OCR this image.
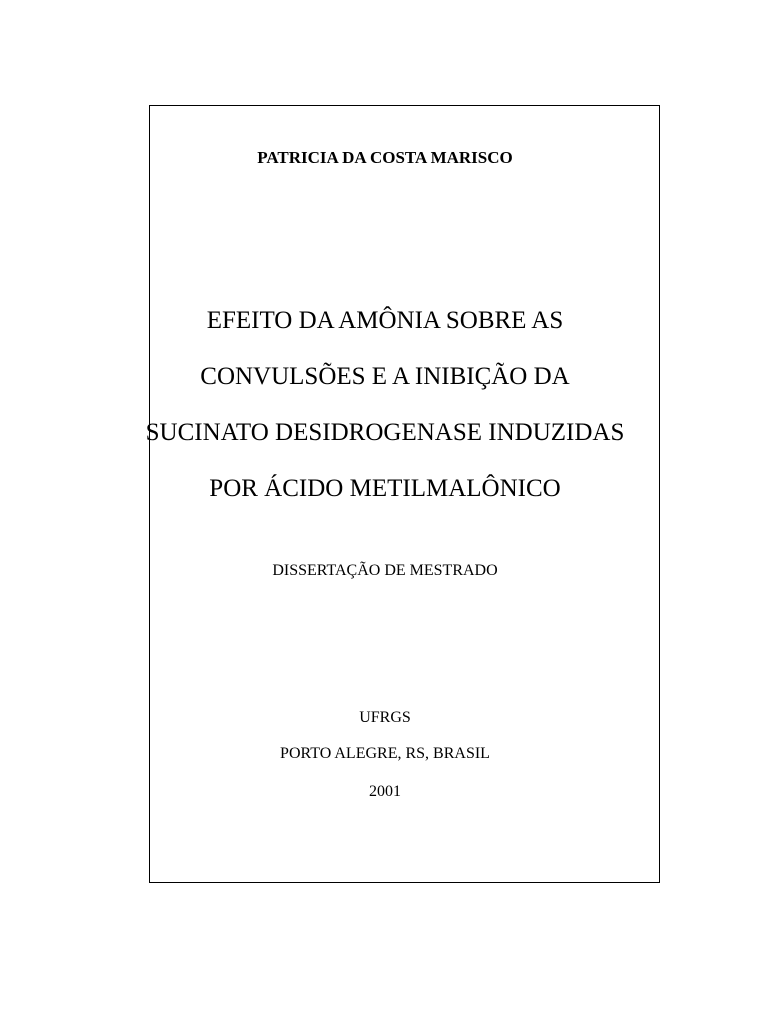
PATRICIA DA COSTA MARISCO
EFEITO DA AMÔNIA SOBRE AS
CONVULSÕES E A INIBIÇÃO DA
SUCINATO DESIDROGENASE INDUZIDAS
POR ÁCIDO METILMALÔNICO
DISSERTAÇÃO DE MESTRADO
UFRGS
PORTO ALEGRE, RS, BRASIL
2001
